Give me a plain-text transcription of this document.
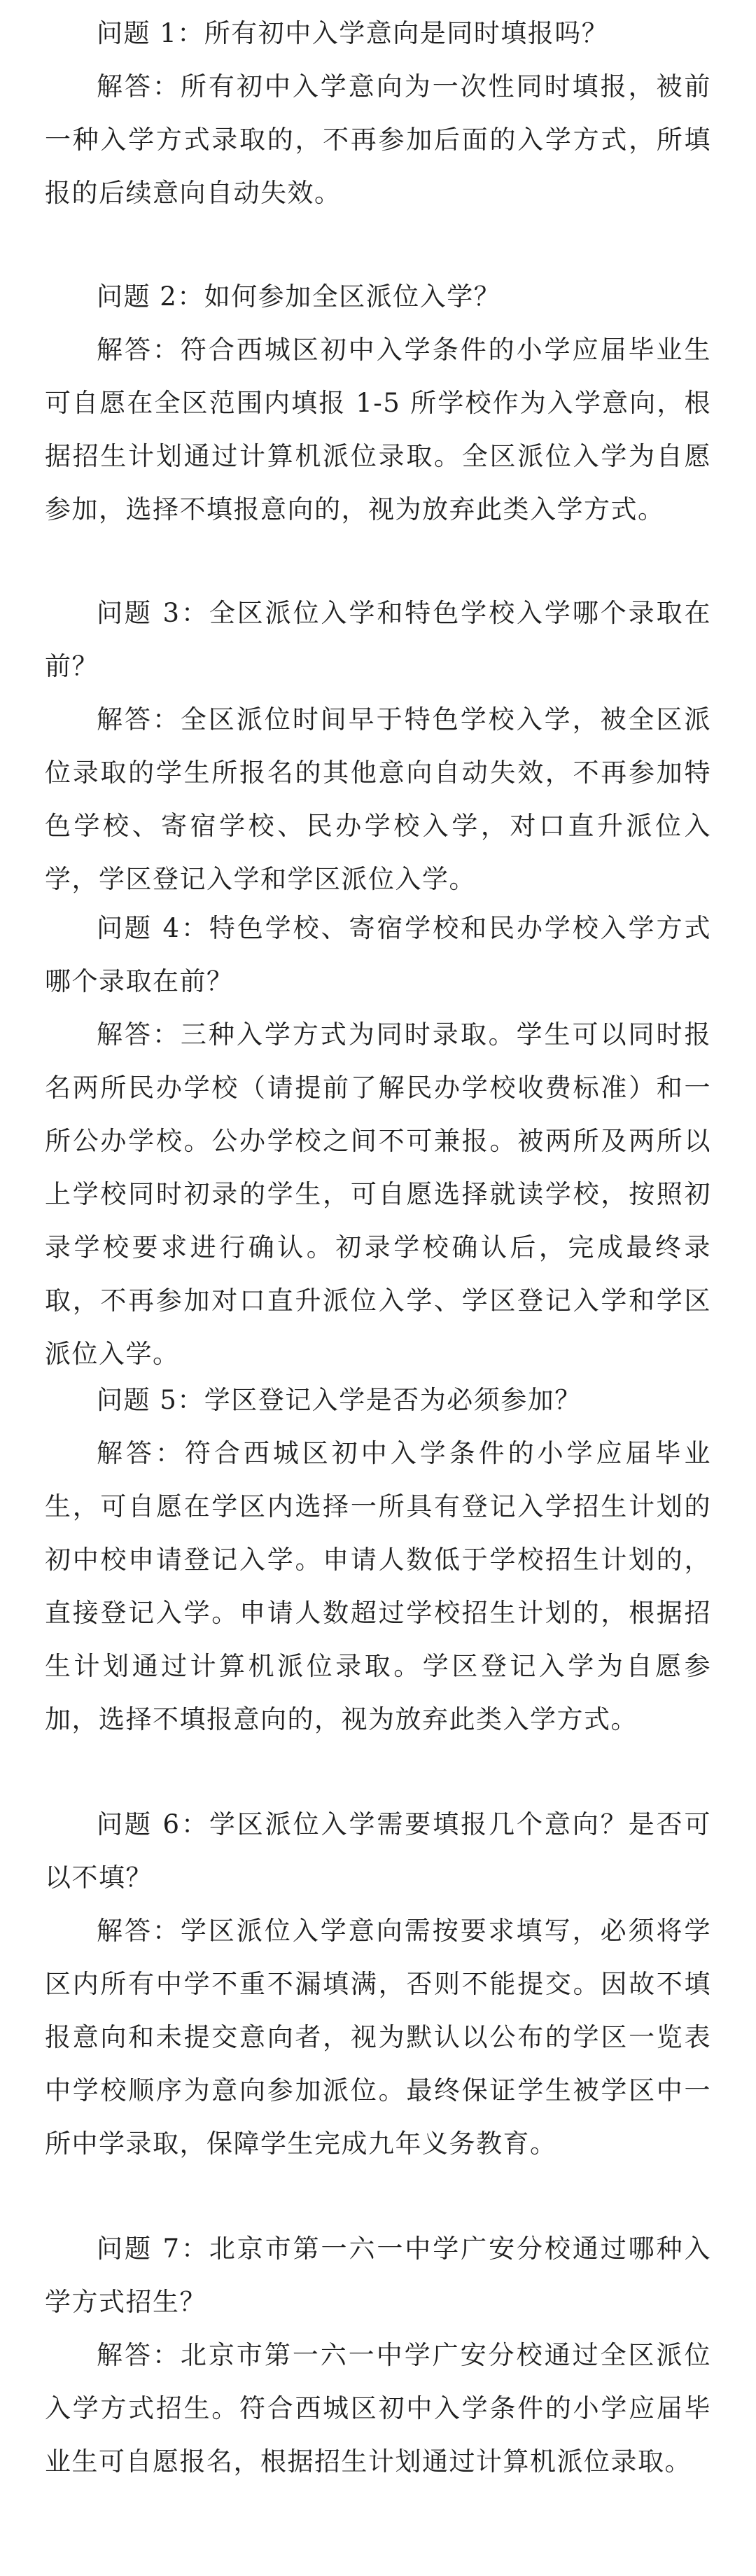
问题 1：所有初中入学意向是同时填报吗？

解答：所有初中入学意向为一次性同时填报，被前一种入学方式录取的，不再参加后面的入学方式，所填报的后续意向自动失效。

问题 2：如何参加全区派位入学？

解答：符合西城区初中入学条件的小学应届毕业生可自愿在全区范围内填报 1-5 所学校作为入学意向，根据招生计划通过计算机派位录取。全区派位入学为自愿参加，选择不填报意向的，视为放弃此类入学方式。

问题 3：全区派位入学和特色学校入学哪个录取在前？

解答：全区派位时间早于特色学校入学，被全区派位录取的学生所报名的其他意向自动失效，不再参加特色学校、寄宿学校、民办学校入学，对口直升派位入学，学区登记入学和学区派位入学。

问题 4：特色学校、寄宿学校和民办学校入学方式哪个录取在前？

解答：三种入学方式为同时录取。学生可以同时报名两所民办学校（请提前了解民办学校收费标准）和一所公办学校。公办学校之间不可兼报。被两所及两所以上学校同时初录的学生，可自愿选择就读学校，按照初录学校要求进行确认。初录学校确认后，完成最终录取，不再参加对口直升派位入学、学区登记入学和学区派位入学。

问题 5：学区登记入学是否为必须参加？

解答：符合西城区初中入学条件的小学应届毕业生，可自愿在学区内选择一所具有登记入学招生计划的初中校申请登记入学。申请人数低于学校招生计划的，直接登记入学。申请人数超过学校招生计划的，根据招生计划通过计算机派位录取。学区登记入学为自愿参加，选择不填报意向的，视为放弃此类入学方式。

问题 6：学区派位入学需要填报几个意向？是否可以不填？

解答：学区派位入学意向需按要求填写，必须将学区内所有中学不重不漏填满，否则不能提交。因故不填报意向和未提交意向者，视为默认以公布的学区一览表中学校顺序为意向参加派位。最终保证学生被学区中一所中学录取，保障学生完成九年义务教育。

问题 7：北京市第一六一中学广安分校通过哪种入学方式招生？

解答：北京市第一六一中学广安分校通过全区派位入学方式招生。符合西城区初中入学条件的小学应届毕业生可自愿报名，根据招生计划通过计算机派位录取。
